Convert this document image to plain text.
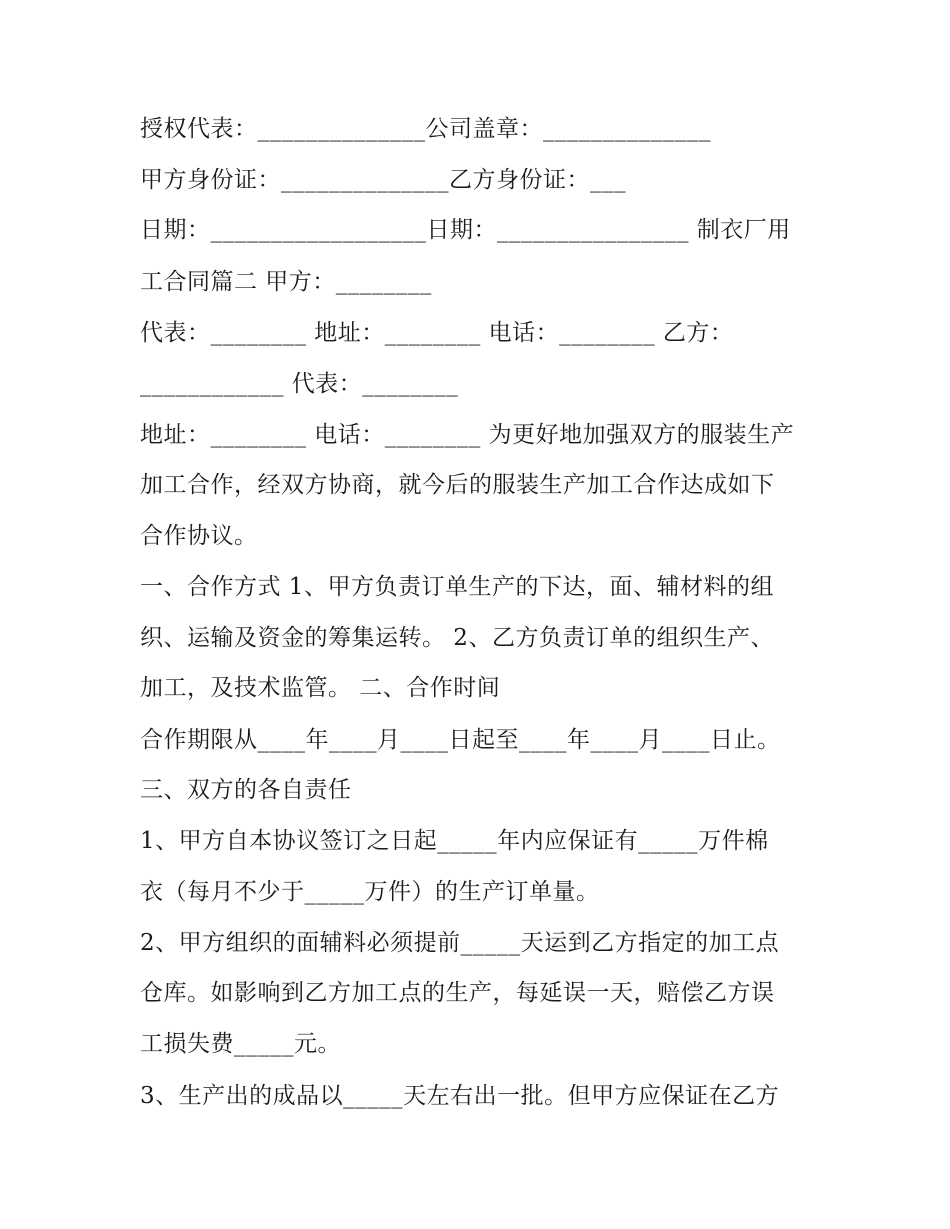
授权代表：______________公司盖章：______________
甲方身份证：______________乙方身份证：___
日期：__________________日期：________________ 制衣厂用
工合同篇二 甲方：________
代表：________ 地址：________ 电话：________ 乙方：
____________ 代表：________
地址：________ 电话：________ 为更好地加强双方的服装生产
加工合作，经双方协商，就今后的服装生产加工合作达成如下
合作协议。
一、合作方式 1、甲方负责订单生产的下达，面、辅材料的组
织、运输及资金的筹集运转。 2、乙方负责订单的组织生产、
加工，及技术监管。 二、合作时间
合作期限从____年____月____日起至____年____月____日止。
三、双方的各自责任
1、甲方自本协议签订之日起_____年内应保证有_____万件棉
衣（每月不少于_____万件）的生产订单量。
2、甲方组织的面辅料必须提前_____天运到乙方指定的加工点
仓库。如影响到乙方加工点的生产，每延误一天，赔偿乙方误
工损失费_____元。
3、生产出的成品以_____天左右出一批。但甲方应保证在乙方
